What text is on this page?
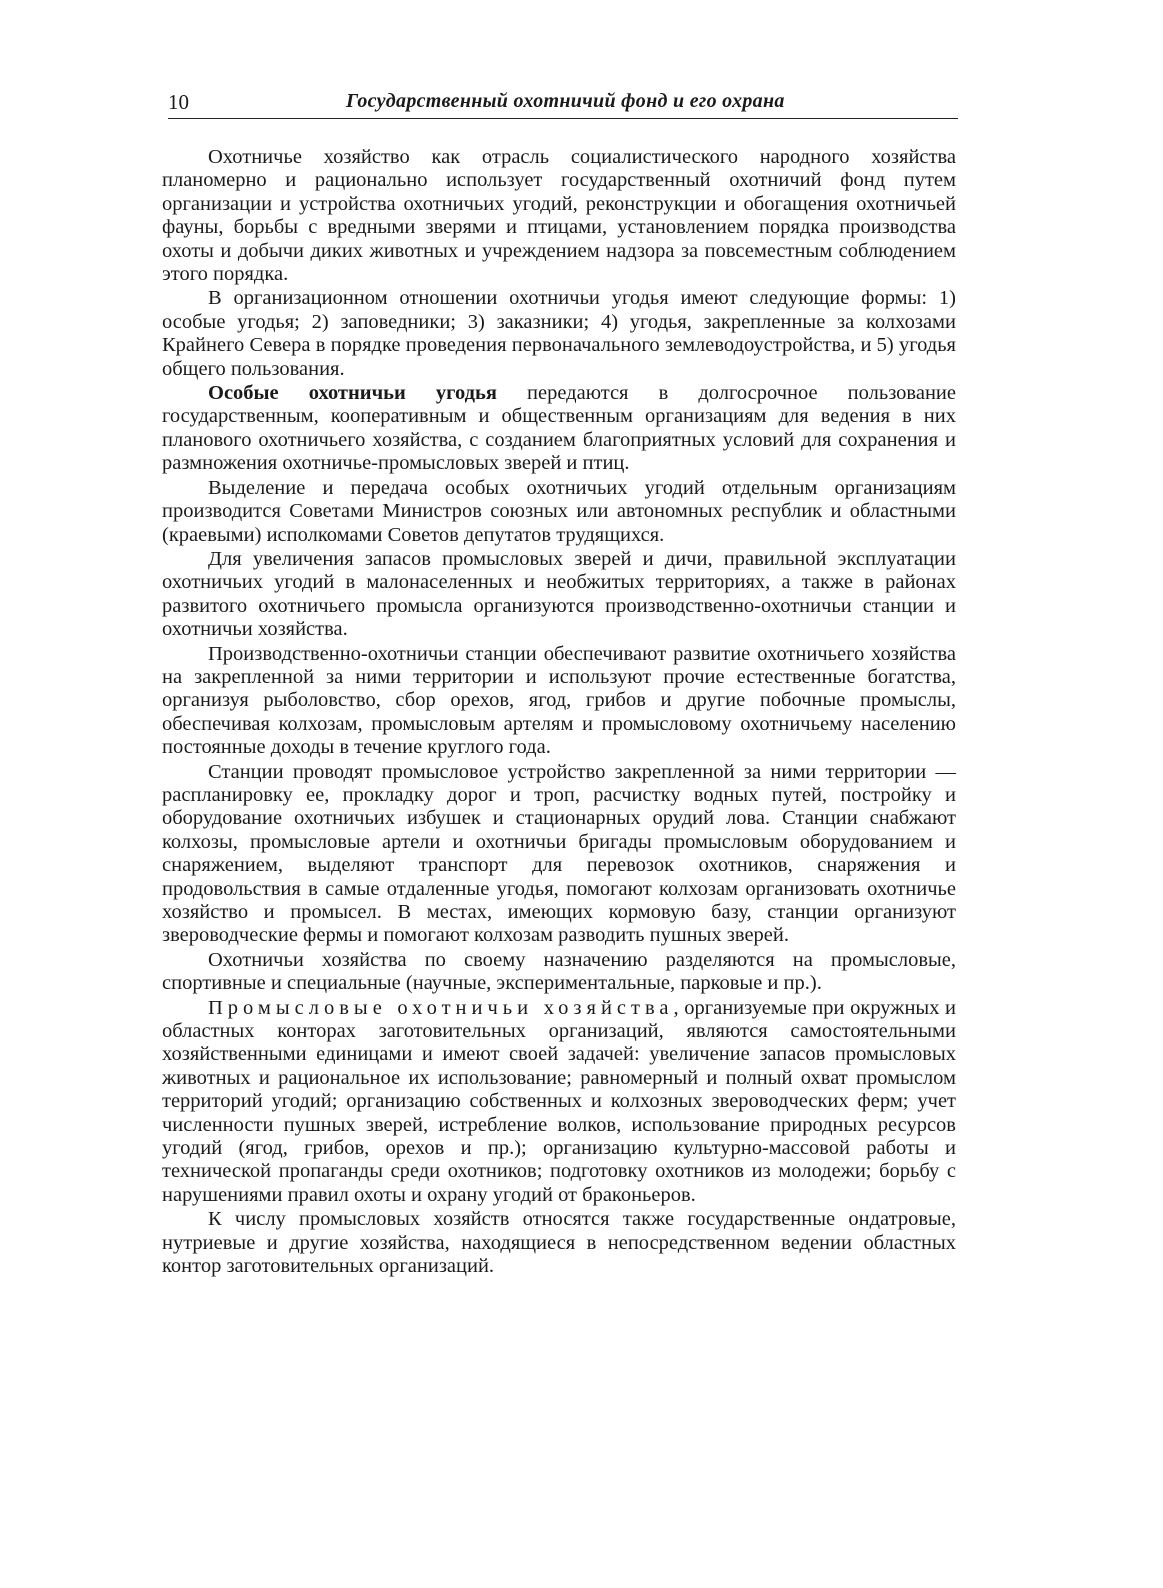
10	Государственный охотничий фонд и его охрана

Охотничье хозяйство как отрасль социалистического народного хозяйства планомерно и рационально использует государственный охотничий фонд путем организации и устройства охотничьих угодий, реконструкции и обогащения охотничьей фауны, борьбы с вредными зверями и птицами, установлением порядка производства охоты и добычи диких животных и учреждением надзора за повсеместным соблюдением этого порядка.

В организационном отношении охотничьи угодья имеют следующие формы: 1) особые угодья; 2) заповедники; 3) заказники; 4) угодья, закрепленные за колхозами Крайнего Севера в порядке проведения первоначального землеводоустройства, и 5) угодья общего пользования.

Особые охотничьи угодья передаются в долгосрочное пользование государственным, кооперативным и общественным организациям для ведения в них планового охотничьего хозяйства, с созданием благоприятных условий для сохранения и размножения охотничье-промысловых зверей и птиц.

Выделение и передача особых охотничьих угодий отдельным организациям производится Советами Министров союзных или автономных республик и областными (краевыми) исполкомами Советов депутатов трудящихся.

Для увеличения запасов промысловых зверей и дичи, правильной эксплуатации охотничьих угодий в малонаселенных и необжитых территориях, а также в районах развитого охотничьего промысла организуются производственно-охотничьи станции и охотничьи хозяйства.

Производственно-охотничьи станции обеспечивают развитие охотничьего хозяйства на закрепленной за ними территории и используют прочие естественные богатства, организуя рыболовство, сбор орехов, ягод, грибов и другие побочные промыслы, обеспечивая колхозам, промысловым артелям и промысловому охотничьему населению постоянные доходы в течение круглого года.

Станции проводят промысловое устройство закрепленной за ними территории — распланировку ее, прокладку дорог и троп, расчистку водных путей, постройку и оборудование охотничьих избушек и стационарных орудий лова. Станции снабжают колхозы, промысловые артели и охотничьи бригады промысловым оборудованием и снаряжением, выделяют транспорт для перевозок охотников, снаряжения и продовольствия в самые отдаленные угодья, помогают колхозам организовать охотничье хозяйство и промысел. В местах, имеющих кормовую базу, станции организуют звероводческие фермы и помогают колхозам разводить пушных зверей.

Охотничьи хозяйства по своему назначению разделяются на промысловые, спортивные и специальные (научные, экспериментальные, парковые и пр.).

Промысловые охотничьи хозяйства, организуемые при окружных и областных конторах заготовительных организаций, являются самостоятельными хозяйственными единицами и имеют своей задачей: увеличение запасов промысловых животных и рациональное их использование; равномерный и полный охват промыслом территорий угодий; организацию собственных и колхозных звероводческих ферм; учет численности пушных зверей, истребление волков, использование природных ресурсов угодий (ягод, грибов, орехов и пр.); организацию культурно-массовой работы и технической пропаганды среди охотников; подготовку охотников из молодежи; борьбу с нарушениями правил охоты и охрану угодий от браконьеров.

К числу промысловых хозяйств относятся также государственные ондатровые, нутриевые и другие хозяйства, находящиеся в непосредственном ведении областных контор заготовительных организаций.
